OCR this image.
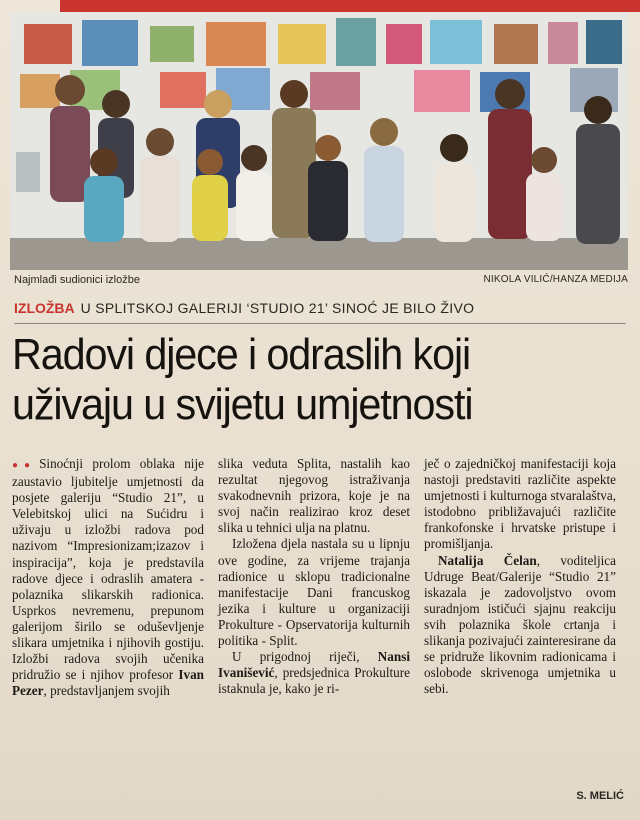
Najmlađi sudionici izložbe	NIKOLA VILIĆ/HANZA MEDIJA
IZLOŽBA U SPLITSKOJ GALERIJI ‘STUDIO 21’ SINOĆ JE BILO ŽIVO
Radovi djece i odraslih koji
uživaju u svijetu umjetnosti

●● Sinoćnji prolom oblaka nije zaustavio ljubitelje umjetnosti da posjete galeriju “Studio 21”, u Velebitskoj ulici na Sućidru i uživaju u izložbi radova pod nazivom “Impresionizam;izazov i inspiracija”, koja je predstavila radove djece i odraslih amatera - polaznika slikarskih radionica. Usprkos nevremenu, prepunom galerijom širilo se oduševljenje slikara umjetnika i njihovih gostiju. Izložbi radova svojih učenika pridružio se i njihov profesor Ivan Pezer, predstavljanjem svojih

slika veduta Splita, nastalih kao rezultat njegovog istraživanja svakodnevnih prizora, koje je na svoj način realizirao kroz deset slika u tehnici ulja na platnu.

Izložena djela nastala su u lipnju ove godine, za vrijeme trajanja radionice u sklopu tradicionalne manifestacije Dani francuskog jezika i kulture u organizaciji Prokulture - Opservatorija kulturnih politika - Split.

U prigodnoj riječi, Nansi Ivanišević, predsjednica Prokulture istaknula je, kako je ri-

ječ o zajedničkoj manifestaciji koja nastoji predstaviti različite aspekte umjetnosti i kulturnoga stvaralaštva, istodobno približavajući različite frankofonske i hrvatske pristupe i promišljanja.

Natalija Čelan, voditeljica Udruge Beat/Galerije “Studio 21” iskazala je zadovoljstvo ovom suradnjom ističući sjajnu reakciju svih polaznika škole crtanja i slikanja pozivajući zainteresirane da se pridruže likovnim radionicama i oslobode skrivenoga umjetnika u sebi.

S. MELIĆ
